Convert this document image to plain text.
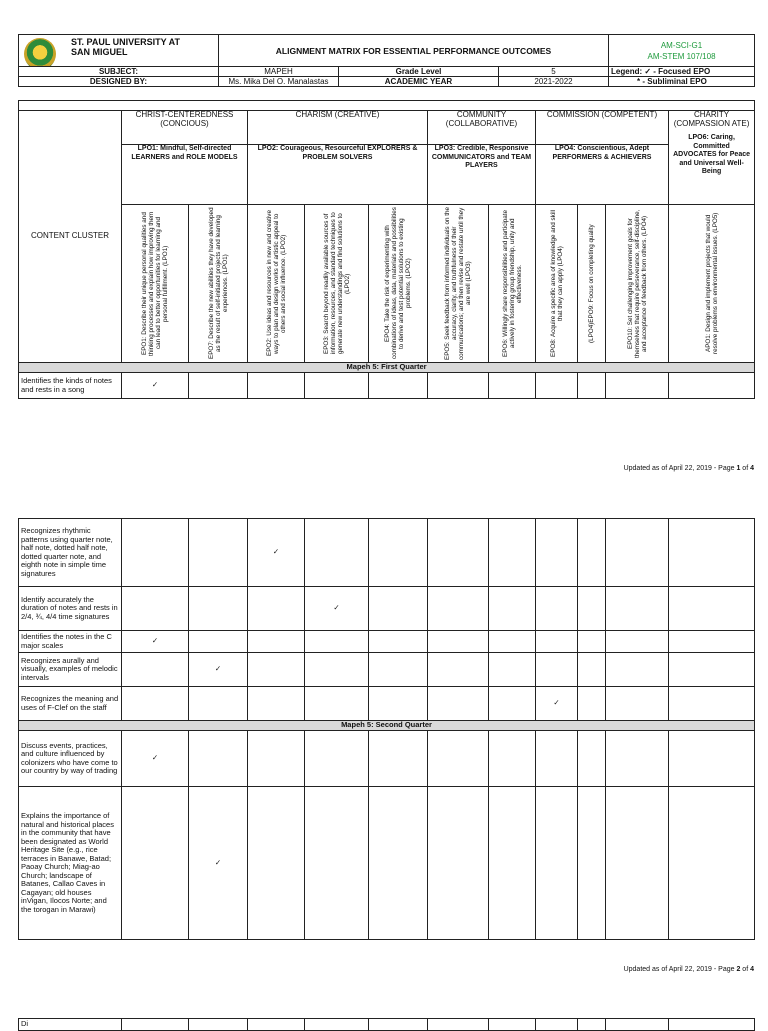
ST. PAUL UNIVERSITY AT SAN MIGUEL	ALIGNMENT MATRIX FOR ESSENTIAL PERFORMANCE OUTCOMES			AM-SCI-G1
AM-STEM 107/108

SUBJECT:	MAPEH	Grade Level	5	Legend: ✓ - Focused EPO
DESIGNED BY:	Ms. Mika Del O. Manalastas	ACADEMIC YEAR	2021-2022	* - Subliminal EPO

CONTENT CLUSTER	CHRIST-CENTEREDNESS (CONCIOUS)		CHARISM (CREATIVE)			COMMUNITY (COLLABORATIVE)		COMMISSION (COMPETENT)			CHARITY (COMPASSION ATE)
LPO6: Caring, Committed ADVOCATES for Peace and Universal Well-Being

	LPO1: Mindful, Self-directed LEARNERS and ROLE MODELS		LPO2: Courageous, Resourceful EXPLORERS & PROBLEM SOLVERS			LPO3: Credible, Responsive COMMUNICATORS and TEAM PLAYERS		LPO4: Conscientious, Adept PERFORMERS & ACHIEVERS			

	EPO1: Describe their unique personal qualities and thinking processes and explain how improving them can lead to better opportunities for learning and personal fulfillment. (LPO1)	EPO7: Describe the new abilities they have developed as the result of self-initiated projects and learning experiences. (LPO1)	EPO2: Use ideas and resources in new and creative ways to plan and design works of artistic appeal to others and social influence. (LPO2)	EPO3: Search beyond readily available sources of information, resources, and standard techniques to generate new understandings and find solutions to (LPO2)	EPO4: Take the risk of experimenting with combinations of ideas, data, materials and possibilities to derive and test potential solutions to existing problems. (LPO2)	EPO5: Seek feedback from informed individuals on the accuracy, clarity, and truthfulness of their communications; and then revise and restate until they are well (LPO3)	EPO6: Willingly share responsibilities and participate actively in fostering group friendship, unity and effectiveness.	EPO8: Acquire a specific area of knowledge and skill that they can apply (LPO4)	(LPO4)EPO9: Focus on completing quality	EPO10: Set challenging improvement goals for themselves that require perseverance, self-discipline, and acceptance of feedback from others. (LPO4)	APO1: Design and implement projects that would resolve problems on environmental issues. (LPO5)

Mapeh 5: First Quarter											
Identifies the kinds of notes and rests in a song	✓										
Updated as of April 22, 2019 - Page 1 of 4
Recognizes rhythmic patterns using quarter note, half note, dotted half note, dotted quarter note, and eighth note in simple time signatures			✓								
Identify accurately the duration of notes and rests in 2/4, ¾, 4/4 time signatures				✓							
Identifies the notes in the C major scales	✓										
Recognizes aurally and visually, examples of melodic intervals		✓									
Recognizes the meaning and uses of F-Clef on the staff								✓			
Mapeh 5: Second Quarter											
Discuss events, practices, and culture influenced by colonizers who have come to our country by way of trading	✓										
Explains the importance of natural and historical places in the community that have been designated as World Heritage Site (e.g., rice terraces in Banawe, Batad; Paoay Church; Miag-ao Church; landscape of Batanes, Callao Caves in Cagayan; old houses inVigan, Ilocos Norte; and the torogan in Marawi)		✓									
Updated as of April 22, 2019 - Page 2 of 4
Di											
